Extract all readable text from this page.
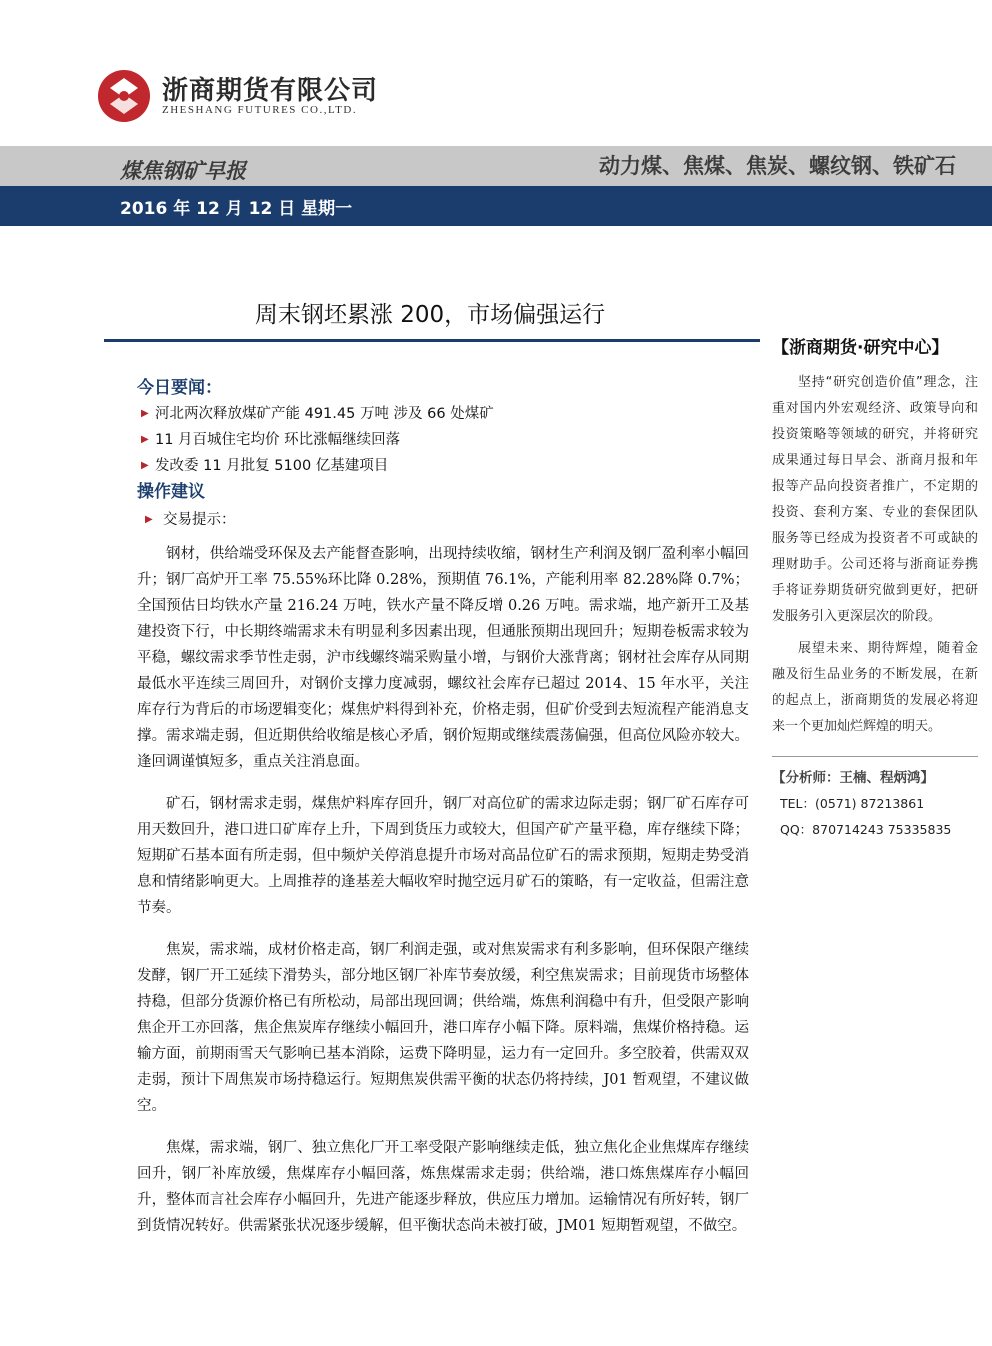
浙商期货有限公司
ZHESHANG FUTURES CO.,LTD.
煤焦钢矿早报	动力煤、焦煤、焦炭、螺纹钢、铁矿石
2016 年 12 月 12 日 星期一
周末钢坯累涨 200，市场偏强运行
【浙商期货·研究中心】
今日要闻：
▶ 河北两次释放煤矿产能 491.45 万吨 涉及 66 处煤矿
▶ 11 月百城住宅均价 环比涨幅继续回落
▶ 发改委 11 月批复 5100 亿基建项目
操作建议
▶ 交易提示：

钢材，供给端受环保及去产能督查影响，出现持续收缩，钢材生产利润及钢厂盈利率小幅回升；钢厂高炉开工率 75.55%环比降 0.28%，预期值 76.1%，产能利用率 82.28%降 0.7%；全国预估日均铁水产量 216.24 万吨，铁水产量不降反增 0.26 万吨。需求端，地产新开工及基建投资下行，中长期终端需求未有明显利多因素出现，但通胀预期出现回升；短期卷板需求较为平稳，螺纹需求季节性走弱，沪市线螺终端采购量小增，与钢价大涨背离；钢材社会库存从同期最低水平连续三周回升，对钢价支撑力度减弱，螺纹社会库存已超过 2014、15 年水平，关注库存行为背后的市场逻辑变化；煤焦炉料得到补充，价格走弱，但矿价受到去短流程产能消息支撑。需求端走弱，但近期供给收缩是核心矛盾，钢价短期或继续震荡偏强，但高位风险亦较大。逢回调谨慎短多，重点关注消息面。

矿石，钢材需求走弱，煤焦炉料库存回升，钢厂对高位矿的需求边际走弱；钢厂矿石库存可用天数回升，港口进口矿库存上升，下周到货压力或较大，但国产矿产量平稳，库存继续下降；短期矿石基本面有所走弱，但中频炉关停消息提升市场对高品位矿石的需求预期，短期走势受消息和情绪影响更大。上周推荐的逢基差大幅收窄时抛空远月矿石的策略，有一定收益，但需注意节奏。

焦炭，需求端，成材价格走高，钢厂利润走强，或对焦炭需求有利多影响，但环保限产继续发酵，钢厂开工延续下滑势头，部分地区钢厂补库节奏放缓，利空焦炭需求；目前现货市场整体持稳，但部分货源价格已有所松动，局部出现回调；供给端，炼焦利润稳中有升，但受限产影响焦企开工亦回落，焦企焦炭库存继续小幅回升，港口库存小幅下降。原料端，焦煤价格持稳。运输方面，前期雨雪天气影响已基本消除，运费下降明显，运力有一定回升。多空胶着，供需双双走弱，预计下周焦炭市场持稳运行。短期焦炭供需平衡的状态仍将持续，J01 暂观望，不建议做空。

焦煤，需求端，钢厂、独立焦化厂开工率受限产影响继续走低，独立焦化企业焦煤库存继续回升，钢厂补库放缓，焦煤库存小幅回落，炼焦煤需求走弱；供给端，港口炼焦煤库存小幅回升，整体而言社会库存小幅回升，先进产能逐步释放，供应压力增加。运输情况有所好转，钢厂到货情况转好。供需紧张状况逐步缓解，但平衡状态尚未被打破，JM01 短期暂观望，不做空。

坚持“研究创造价值”理念，注重对国内外宏观经济、政策导向和投资策略等领域的研究，并将研究成果通过每日早会、浙商月报和年报等产品向投资者推广，不定期的投资、套利方案、专业的套保团队服务等已经成为投资者不可或缺的理财助手。公司还将与浙商证券携手将证券期货研究做到更好，把研发服务引入更深层次的阶段。

展望未来、期待辉煌，随着金融及衍生品业务的不断发展，在新的起点上，浙商期货的发展必将迎来一个更加灿烂辉煌的明天。

【分析师：王楠、程炳鸿】
TEL：(0571) 87213861
QQ：870714243 75335835
